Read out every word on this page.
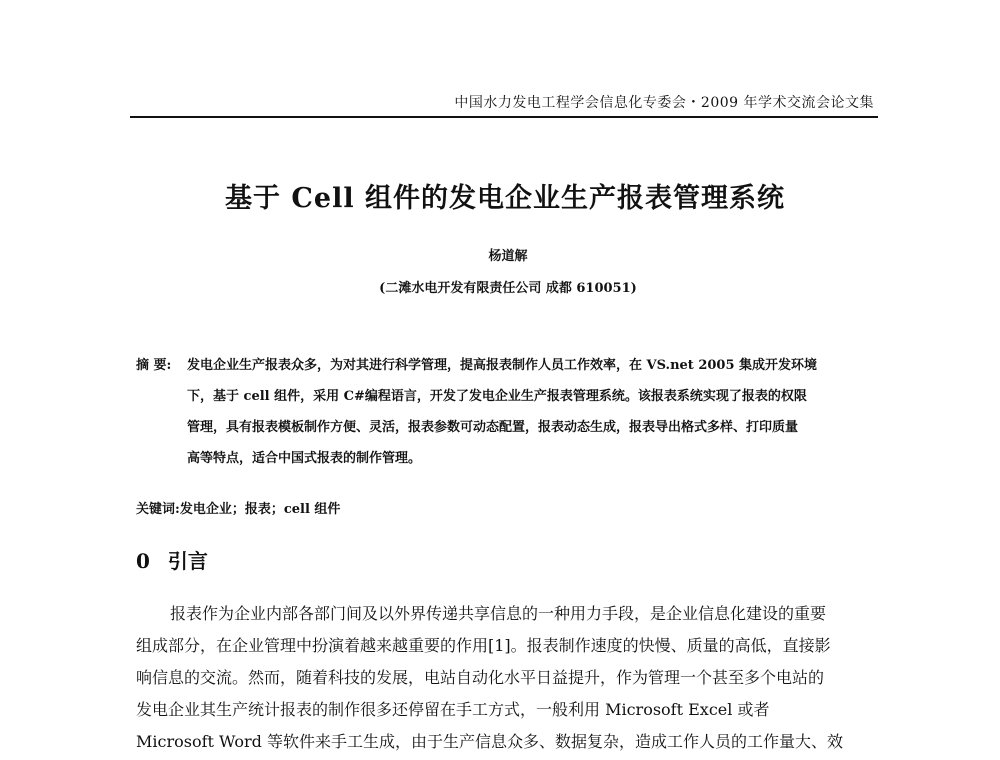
中国水力发电工程学会信息化专委会・2009 年学术交流会论文集
基于 Cell 组件的发电企业生产报表管理系统
杨道解
(二滩水电开发有限责任公司 成都 610051)
摘 要: 发电企业生产报表众多，为对其进行科学管理，提高报表制作人员工作效率，在 VS.net 2005 集成开发环境
下，基于 cell 组件，采用 C#编程语言，开发了发电企业生产报表管理系统。该报表系统实现了报表的权限
管理，具有报表模板制作方便、灵活，报表参数可动态配置，报表动态生成，报表导出格式多样、打印质量
高等特点，适合中国式报表的制作管理。
关键词:发电企业；报表；cell 组件
0 引言
报表作为企业内部各部门间及以外界传递共享信息的一种用力手段，是企业信息化建设的重要
组成部分，在企业管理中扮演着越来越重要的作用[1]。报表制作速度的快慢、质量的高低，直接影
响信息的交流。然而，随着科技的发展，电站自动化水平日益提升，作为管理一个甚至多个电站的
发电企业其生产统计报表的制作很多还停留在手工方式，一般利用 Microsoft Excel 或者
Microsoft Word 等软件来手工生成，由于生产信息众多、数据复杂，造成工作人员的工作量大、效
